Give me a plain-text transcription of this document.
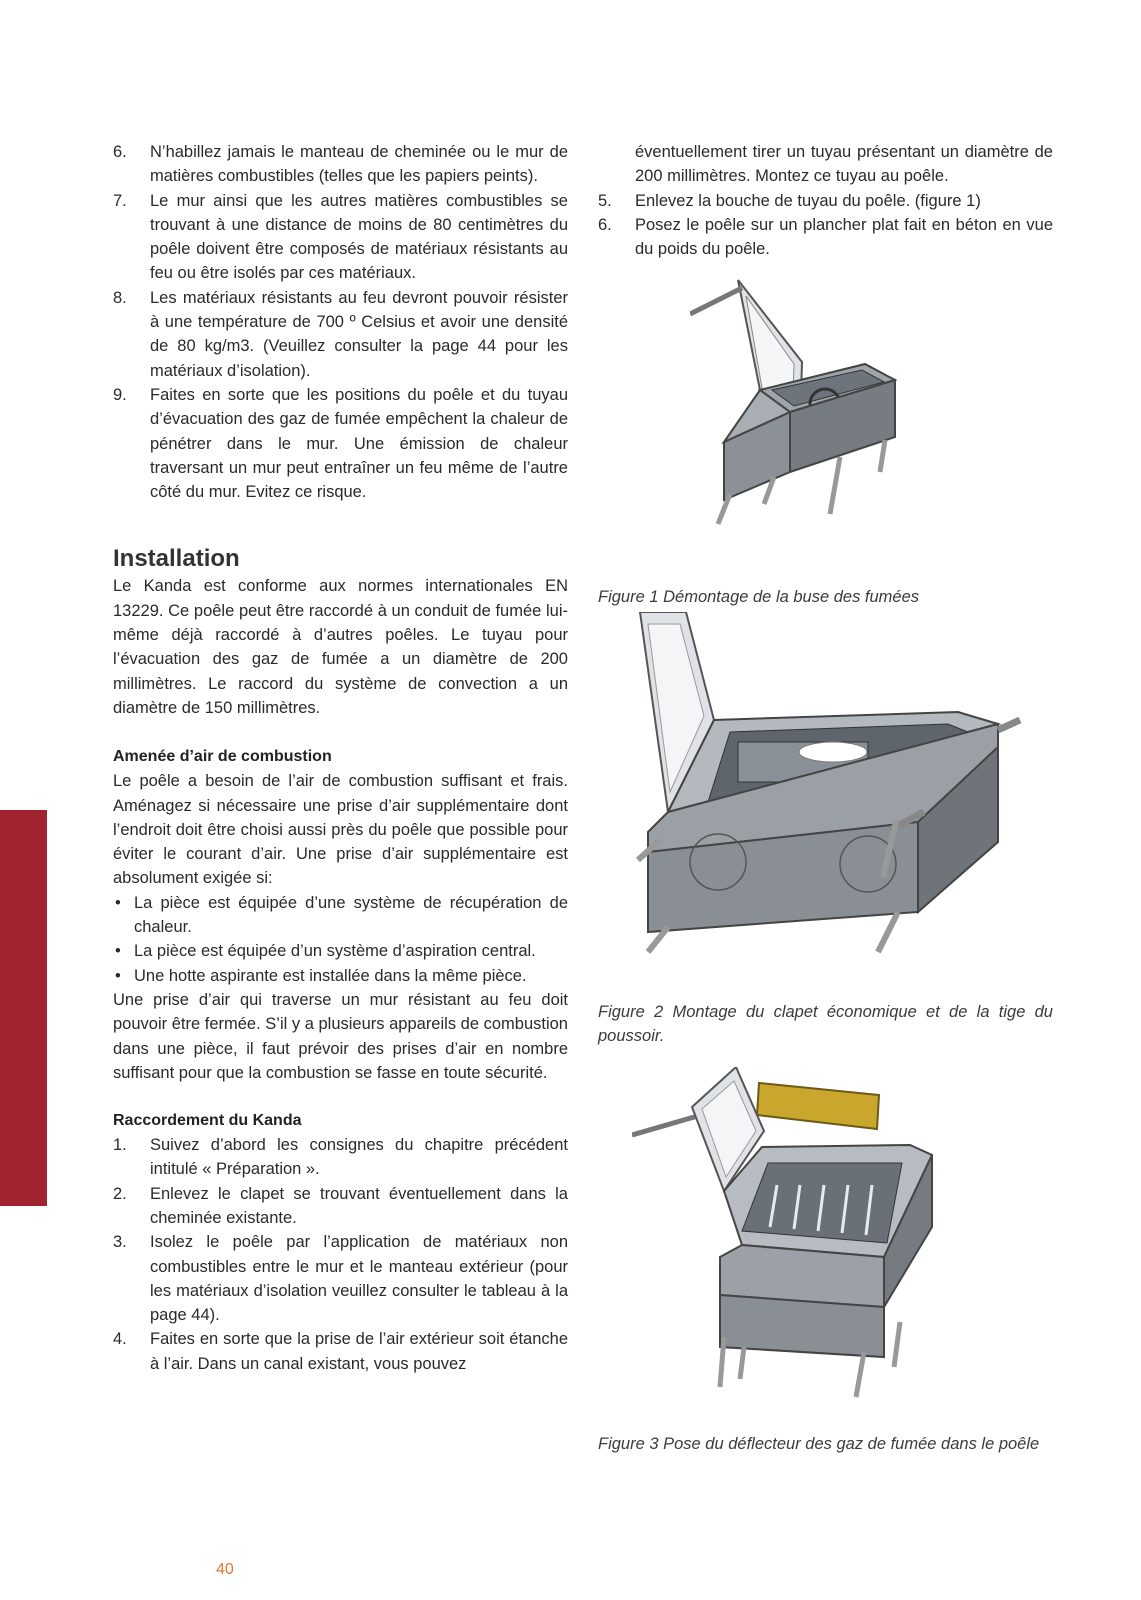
6. N’habillez jamais le manteau de cheminée ou le mur de matières combustibles (telles que les papiers peints).
7. Le mur ainsi que les autres matières combustibles se trouvant à une distance de moins de 80 centimètres du poêle doivent être composés de matériaux résistants au feu ou être isolés par ces matériaux.
8. Les matériaux résistants au feu devront pouvoir résister à une température de 700 º Celsius et avoir une densité de 80 kg/m3. (Veuillez consulter la page 44 pour les matériaux d’isolation).
9. Faites en sorte que les positions du poêle et du tuyau d’évacuation des gaz de fumée empêchent la chaleur de pénétrer dans le mur. Une émission de chaleur traversant un mur peut entraîner un feu même de l’autre côté du mur. Evitez ce risque.
Installation

Le Kanda est conforme aux normes internationales EN 13229. Ce poêle peut être raccordé à un conduit de fumée lui-même déjà raccordé à d’autres poêles. Le tuyau pour l’évacuation des gaz de fumée a un diamètre de 200 millimètres. Le raccord du système de convection a un diamètre de 150 millimètres.

Amenée d’air de combustion

Le poêle a besoin de l’air de combustion suffisant et frais. Aménagez si nécessaire une prise d’air supplémentaire dont l’endroit doit être choisi aussi près du poêle que possible pour éviter le courant d’air. Une prise d’air supplémentaire est absolument exigée si:

• La pièce est équipée d’une système de récupération de chaleur.
• La pièce est équipée d’un système d’aspiration central.
• Une hotte aspirante est installée dans la même pièce.

Une prise d’air qui traverse un mur résistant au feu doit pouvoir être fermée. S’il y a plusieurs appareils de combustion dans une pièce, il faut prévoir des prises d’air en nombre suffisant pour que la combustion se fasse en toute sécurité.

Raccordement du Kanda
1. Suivez d’abord les consignes du chapitre précédent intitulé « Préparation ».
2. Enlevez le clapet se trouvant éventuellement dans la cheminée existante.
3. Isolez le poêle par l’application de matériaux non combustibles entre le mur et le manteau extérieur (pour les matériaux d’isolation veuillez consulter le tableau à la page 44).
4. Faites en sorte que la prise de l’air extérieur soit étanche à l’air. Dans un canal existant, vous pouvez

éventuellement tirer un tuyau présentant un diamètre de 200 millimètres. Montez ce tuyau au poêle.

5. Enlevez la bouche de tuyau du poêle. (figure 1)
6. Posez le poêle sur un plancher plat fait en béton en vue du poids du poêle.
Figure 1 Démontage de la buse des fumées
Figure 2 Montage du clapet économique et de la tige du poussoir.
Figure 3 Pose du déflecteur des gaz de fumée dans le poêle
40
